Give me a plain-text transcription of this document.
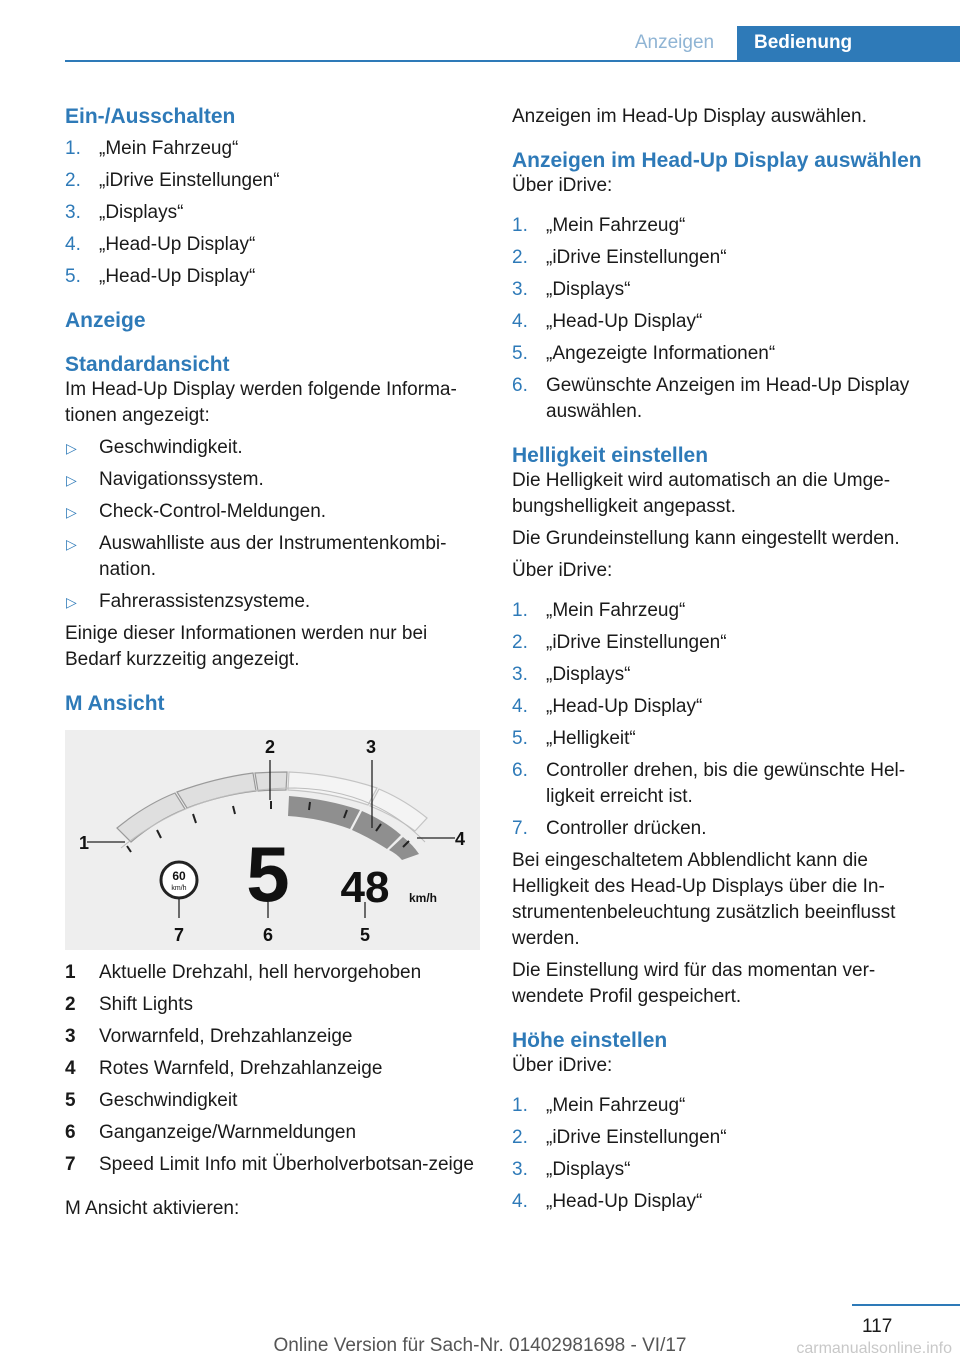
Anzeigen	Bedienung
Ein-/Ausschalten
1. „Mein Fahrzeug“
2. „iDrive Einstellungen“
3. „Displays“
4. „Head-Up Display“
5. „Head-Up Display“
Anzeige
Standardansicht

Im Head-Up Display werden folgende Informa-tionen angezeigt:

▷ Geschwindigkeit.
▷ Navigationssystem.
▷ Check-Control-Meldungen.
▷ Auswahlliste aus der Instrumentenkombi-nation.
▷ Fahrerassistenzsysteme.

Einige dieser Informationen werden nur bei Bedarf kurzzeitig angezeigt.

M Ansicht
60
km/h 5 48 km/h
1
2	3
4
5
6
7
1 Aktuelle Drehzahl, hell hervorgehoben
2 Shift Lights
3 Vorwarnfeld, Drehzahlanzeige
4 Rotes Warnfeld, Drehzahlanzeige
5 Geschwindigkeit
6 Ganganzeige/Warnmeldungen
7 Speed Limit Info mit Überholverbotsan-zeige

M Ansicht aktivieren:

Anzeigen im Head-Up Display auswählen.

Anzeigen im Head-Up Display auswählen

Über iDrive:

1. „Mein Fahrzeug“
2. „iDrive Einstellungen“
3. „Displays“
4. „Head-Up Display“
5. „Angezeigte Informationen“
6. Gewünschte Anzeigen im Head-Up Display auswählen.
Helligkeit einstellen

Die Helligkeit wird automatisch an die Umge-bungshelligkeit angepasst.

Die Grundeinstellung kann eingestellt werden.

Über iDrive:

1. „Mein Fahrzeug“
2. „iDrive Einstellungen“
3. „Displays“
4. „Head-Up Display“
5. „Helligkeit“
6. Controller drehen, bis die gewünschte Hel-ligkeit erreicht ist.
7. Controller drücken.

Bei eingeschaltetem Abblendlicht kann die Helligkeit des Head-Up Displays über die In-strumentenbeleuchtung zusätzlich beeinflusst werden.

Die Einstellung wird für das momentan ver-wendete Profil gespeichert.

Höhe einstellen

Über iDrive:

1. „Mein Fahrzeug“
2. „iDrive Einstellungen“
3. „Displays“
4. „Head-Up Display“
117
Online Version für Sach-Nr. 01402981698 - VI/17	carmanualsonline.info
